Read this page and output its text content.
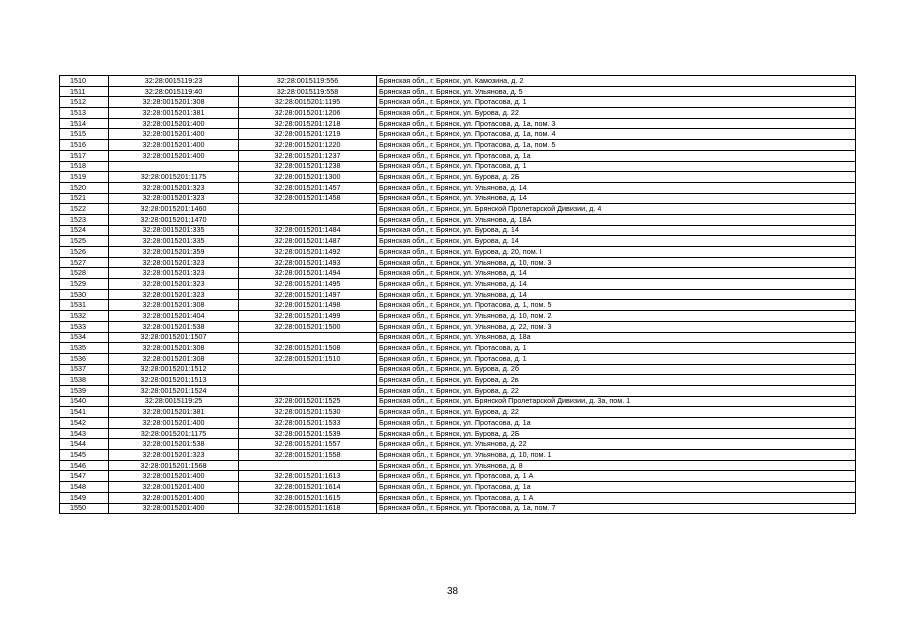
1510	32:28:0015119:23	32:28:0015119:556	Брянская обл., г. Брянск, ул. Камозина, д. 2
1511	32:28:0015119:40	32:28:0015119:558	Брянская обл., г. Брянск, ул. Ульянова, д. 5
1512	32:28:0015201:308	32:28:0015201:1195	Брянская обл., г. Брянск, ул. Протасова, д. 1
1513	32:28:0015201:381	32:28:0015201:1206	Брянская обл., г. Брянск, ул. Бурова, д. 22
1514	32:28:0015201:400	32:28:0015201:1218	Брянская обл., г. Брянск, ул. Протасова, д. 1а, пом. 3
1515	32:28:0015201:400	32:28:0015201:1219	Брянская обл., г. Брянск, ул. Протасова, д. 1а, пом. 4
1516	32:28:0015201:400	32:28:0015201:1220	Брянская обл., г. Брянск, ул. Протасова, д. 1а, пом. 5
1517	32:28:0015201:400	32:28:0015201:1237	Брянская обл., г. Брянск, ул. Протасова, д. 1а
1518		32:28:0015201:1238	Брянская обл., г. Брянск, ул. Протасова, д. 1
1519	32:28:0015201:1175	32:28:0015201:1300	Брянская обл., г. Брянск, ул. Бурова, д. 2Б
1520	32:28:0015201:323	32:28:0015201:1457	Брянская обл., г. Брянск, ул. Ульянова, д. 14
1521	32:28:0015201:323	32:28:0015201:1458	Брянская обл., г. Брянск, ул. Ульянова, д. 14
1522	32:28:0015201:1460		Брянская обл., г. Брянск, ул. Брянской Пролетарской Дивизии, д. 4
1523	32:28:0015201:1470		Брянская обл., г. Брянск, ул. Ульянова, д. 18А
1524	32:28:0015201:335	32:28:0015201:1484	Брянская обл., г. Брянск, ул. Бурова, д. 14
1525	32:28:0015201:335	32:28:0015201:1487	Брянская обл., г. Брянск, ул. Бурова, д. 14
1526	32:28:0015201:359	32:28:0015201:1492	Брянская обл., г. Брянск, ул. Бурова, д. 20, пом. I
1527	32:28:0015201:323	32:28:0015201:1493	Брянская обл., г. Брянск, ул. Ульянова, д. 10, пом. 3
1528	32:28:0015201:323	32:28:0015201:1494	Брянская обл., г. Брянск, ул. Ульянова, д. 14
1529	32:28:0015201:323	32:28:0015201:1495	Брянская обл., г. Брянск, ул. Ульянова, д. 14
1530	32:28:0015201:323	32:28:0015201:1497	Брянская обл., г. Брянск, ул. Ульянова, д. 14
1531	32:28:0015201:308	32:28:0015201:1498	Брянская обл., г. Брянск, ул. Протасова, д. 1, пом. 5
1532	32:28:0015201:404	32:28:0015201:1499	Брянская обл., г. Брянск, ул. Ульянова, д. 10, пом. 2
1533	32:28:0015201:538	32:28:0015201:1500	Брянская обл., г. Брянск, ул. Ульянова, д. 22, пом. 3
1534	32:28:0015201:1507		Брянская обл., г. Брянск, ул. Ульянова, д. 18а
1535	32:28:0015201:308	32:28:0015201:1508	Брянская обл., г. Брянск, ул. Протасова, д. 1
1536	32:28:0015201:308	32:28:0015201:1510	Брянская обл., г. Брянск, ул. Протасова, д. 1
1537	32:28:0015201:1512		Брянская обл., г. Брянск, ул. Бурова, д. 2б
1538	32:28:0015201:1513		Брянская обл., г. Брянск, ул. Бурова, д. 2в
1539	32:28:0015201:1524		Брянская обл., г. Брянск, ул. Бурова, д. 22
1540	32:28:0015119:25	32:28:0015201:1525	Брянская обл., г. Брянск, ул. Брянской Пролетарской Дивизии, д. 3а, пом. 1
1541	32:28:0015201:381	32:28:0015201:1530	Брянская обл., г. Брянск, ул. Бурова, д. 22
1542	32:28:0015201:400	32:28:0015201:1533	Брянская обл., г. Брянск, ул. Протасова, д. 1а
1543	32:28:0015201:1175	32:28:0015201:1539	Брянская обл., г. Брянск, ул. Бурова, д. 2Б
1544	32:28:0015201:538	32:28:0015201:1557	Брянская обл., г. Брянск, ул. Ульянова, д. 22
1545	32:28:0015201:323	32:28:0015201:1558	Брянская обл., г. Брянск, ул. Ульянова, д. 10, пом. 1
1546	32:28:0015201:1568		Брянская обл., г. Брянск, ул. Ульянова, д. 8
1547	32:28:0015201:400	32:28:0015201:1613	Брянская обл., г. Брянск, ул. Протасова, д. 1 А
1548	32:28:0015201:400	32:28:0015201:1614	Брянская обл., г. Брянск, ул. Протасова, д. 1а
1549	32:28:0015201:400	32:28:0015201:1615	Брянская обл., г. Брянск, ул. Протасова, д. 1 А
1550	32:28:0015201:400	32:28:0015201:1618	Брянская обл., г. Брянск, ул. Протасова, д. 1а, пом. 7
38
